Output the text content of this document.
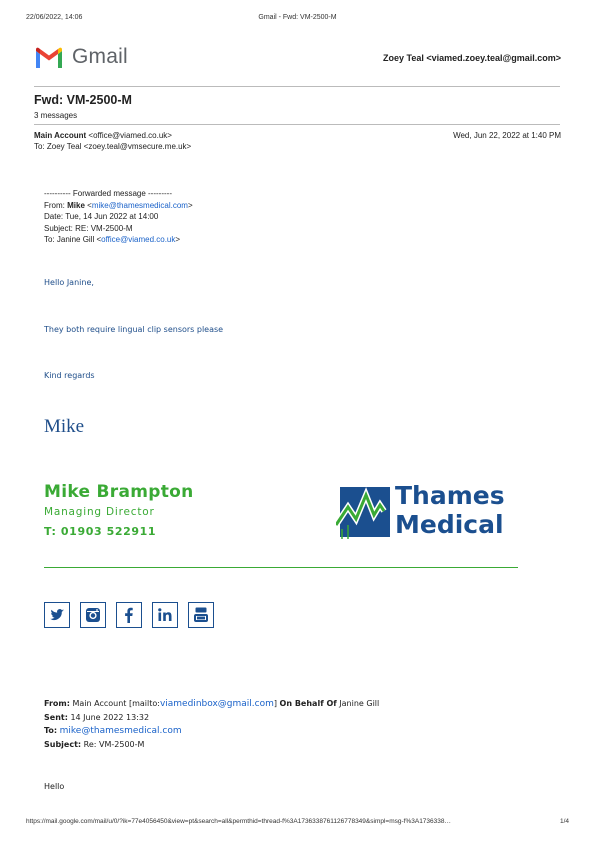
22/06/2022, 14:06	Gmail - Fwd: VM-2500-M
Gmail	Zoey Teal <viamed.zoey.teal@gmail.com>
Fwd: VM-2500-M
3 messages
Main Account <office@viamed.co.uk>	Wed, Jun 22, 2022 at 1:40 PM
To: Zoey Teal <zoey.teal@vmsecure.me.uk>
---------- Forwarded message ---------
From: Mike <mike@thamesmedical.com>
Date: Tue, 14 Jun 2022 at 14:00
Subject: RE: VM-2500-M
To: Janine Gill <office@viamed.co.uk>
Hello Janine,
They both require lingual clip sensors please
Kind regards
Mike
Mike Brampton
Managing Director
T: 01903 522911
Thames
Medical
From: Main Account [mailto:viamedinbox@gmail.com] On Behalf Of Janine Gill
Sent: 14 June 2022 13:32
To: mike@thamesmedical.com
Subject: Re: VM-2500-M
Hello
https://mail.google.com/mail/u/0/?ik=77e4056450&view=pt&search=all&permthid=thread-f%3A1736338761126778349&simpl=msg-f%3A1736338…	1/4
